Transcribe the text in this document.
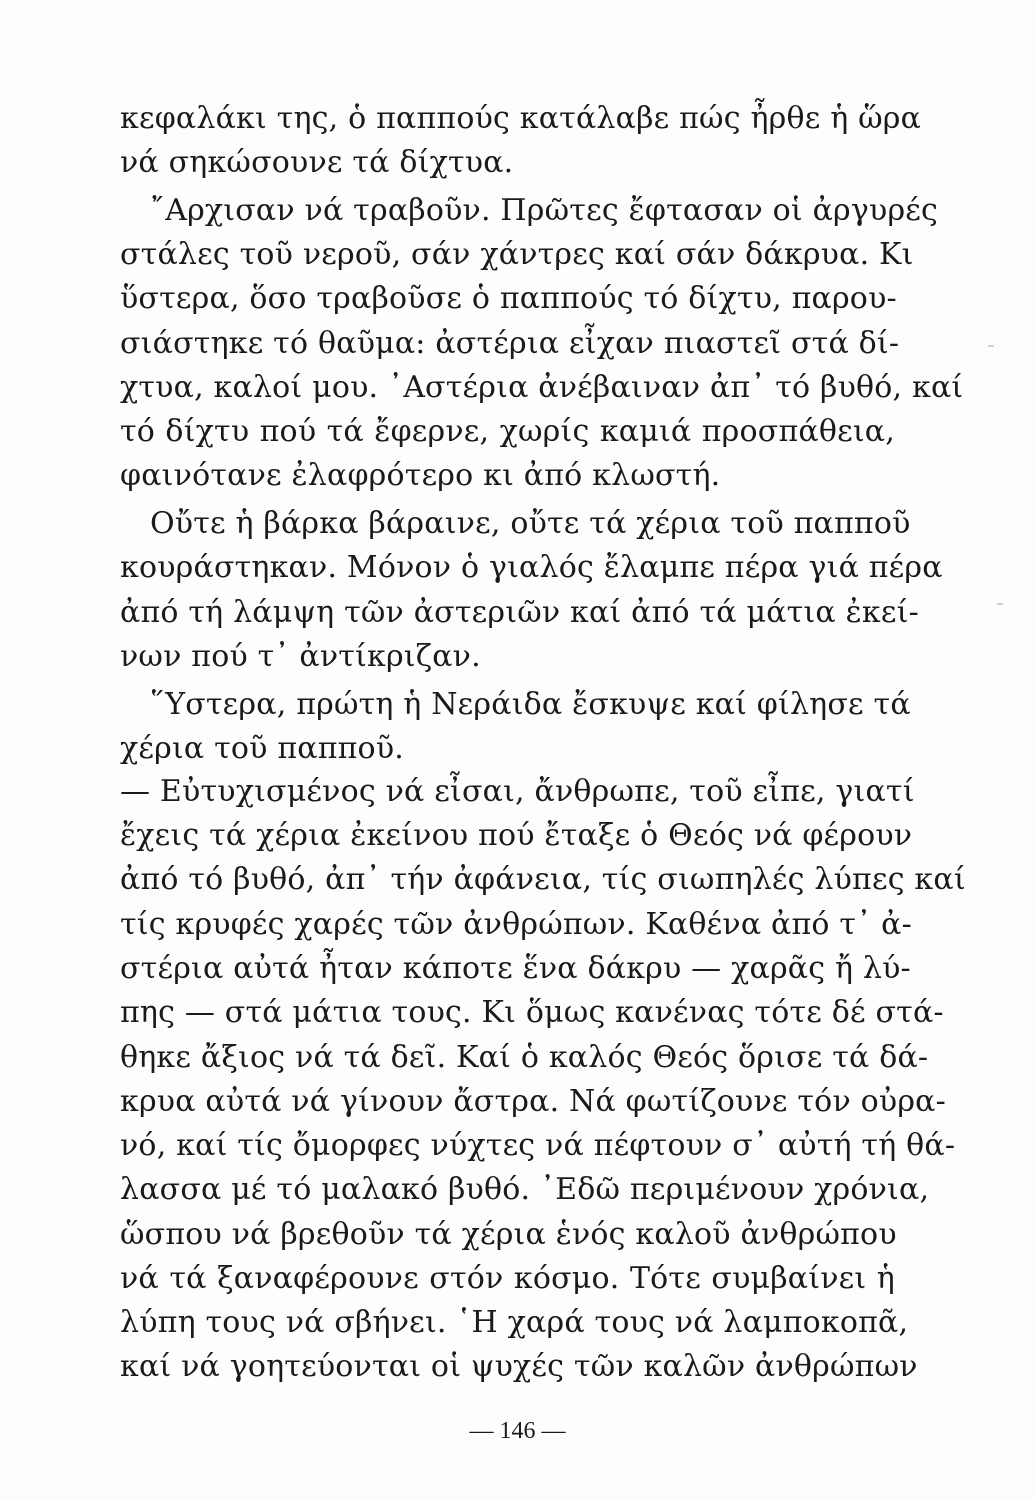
κεφαλάκι της, ὁ παππούς κατάλαβε πώς ἦρθε ἡ ὥρα
νά σηκώσουνε τά δίχτυα.
῎Αρχισαν νά τραβοῦν. Πρῶτες ἔφτασαν οἱ ἀργυρές
στάλες τοῦ νεροῦ, σάν χάντρες καί σάν δάκρυα. Κι
ὕστερα, ὅσο τραβοῦσε ὁ παππούς τό δίχτυ, παρου-
σιάστηκε τό θαῦμα: ἀστέρια εἶχαν πιαστεῖ στά δί-
χτυα, καλοί μου. ᾽Αστέρια ἀνέβαιναν ἀπ᾽ τό βυθό, καί
τό δίχτυ πού τά ἔφερνε, χωρίς καμιά προσπάθεια,
φαινότανε ἐλαφρότερο κι ἀπό κλωστή.
Οὔτε ἡ βάρκα βάραινε, οὔτε τά χέρια τοῦ παπποῦ
κουράστηκαν. Μόνον ὁ γιαλός ἔλαμπε πέρα γιά πέρα
ἀπό τή λάμψη τῶν ἀστεριῶν καί ἀπό τά μάτια ἐκεί-
νων πού τ᾽ ἀντίκριζαν.
῞Υστερα, πρώτη ἡ Νεράιδα ἔσκυψε καί φίλησε τά
χέρια τοῦ παπποῦ.
— Εὐτυχισμένος νά εἶσαι, ἄνθρωπε, τοῦ εἶπε, γιατί
ἔχεις τά χέρια ἐκείνου πού ἔταξε ὁ Θεός νά φέρουν
ἀπό τό βυθό, ἀπ᾽ τήν ἀφάνεια, τίς σιωπηλές λύπες καί
τίς κρυφές χαρές τῶν ἀνθρώπων. Καθένα ἀπό τ᾽ ἀ-
στέρια αὐτά ἦταν κάποτε ἕνα δάκρυ — χαρᾶς ἤ λύ-
πης — στά μάτια τους. Κι ὅμως κανένας τότε δέ στά-
θηκε ἄξιος νά τά δεῖ. Καί ὁ καλός Θεός ὅρισε τά δά-
κρυα αὐτά νά γίνουν ἄστρα. Νά φωτίζουνε τόν οὐρα-
νό, καί τίς ὄμορφες νύχτες νά πέφτουν σ᾽ αὐτή τή θά-
λασσα μέ τό μαλακό βυθό. ᾽Εδῶ περιμένουν χρόνια,
ὥσπου νά βρεθοῦν τά χέρια ἑνός καλοῦ ἀνθρώπου
νά τά ξαναφέρουνε στόν κόσμο. Τότε συμβαίνει ἡ
λύπη τους νά σβήνει. ῾Η χαρά τους νά λαμποκοπᾶ,
καί νά γοητεύονται οἱ ψυχές τῶν καλῶν ἀνθρώπων
— 146 —
